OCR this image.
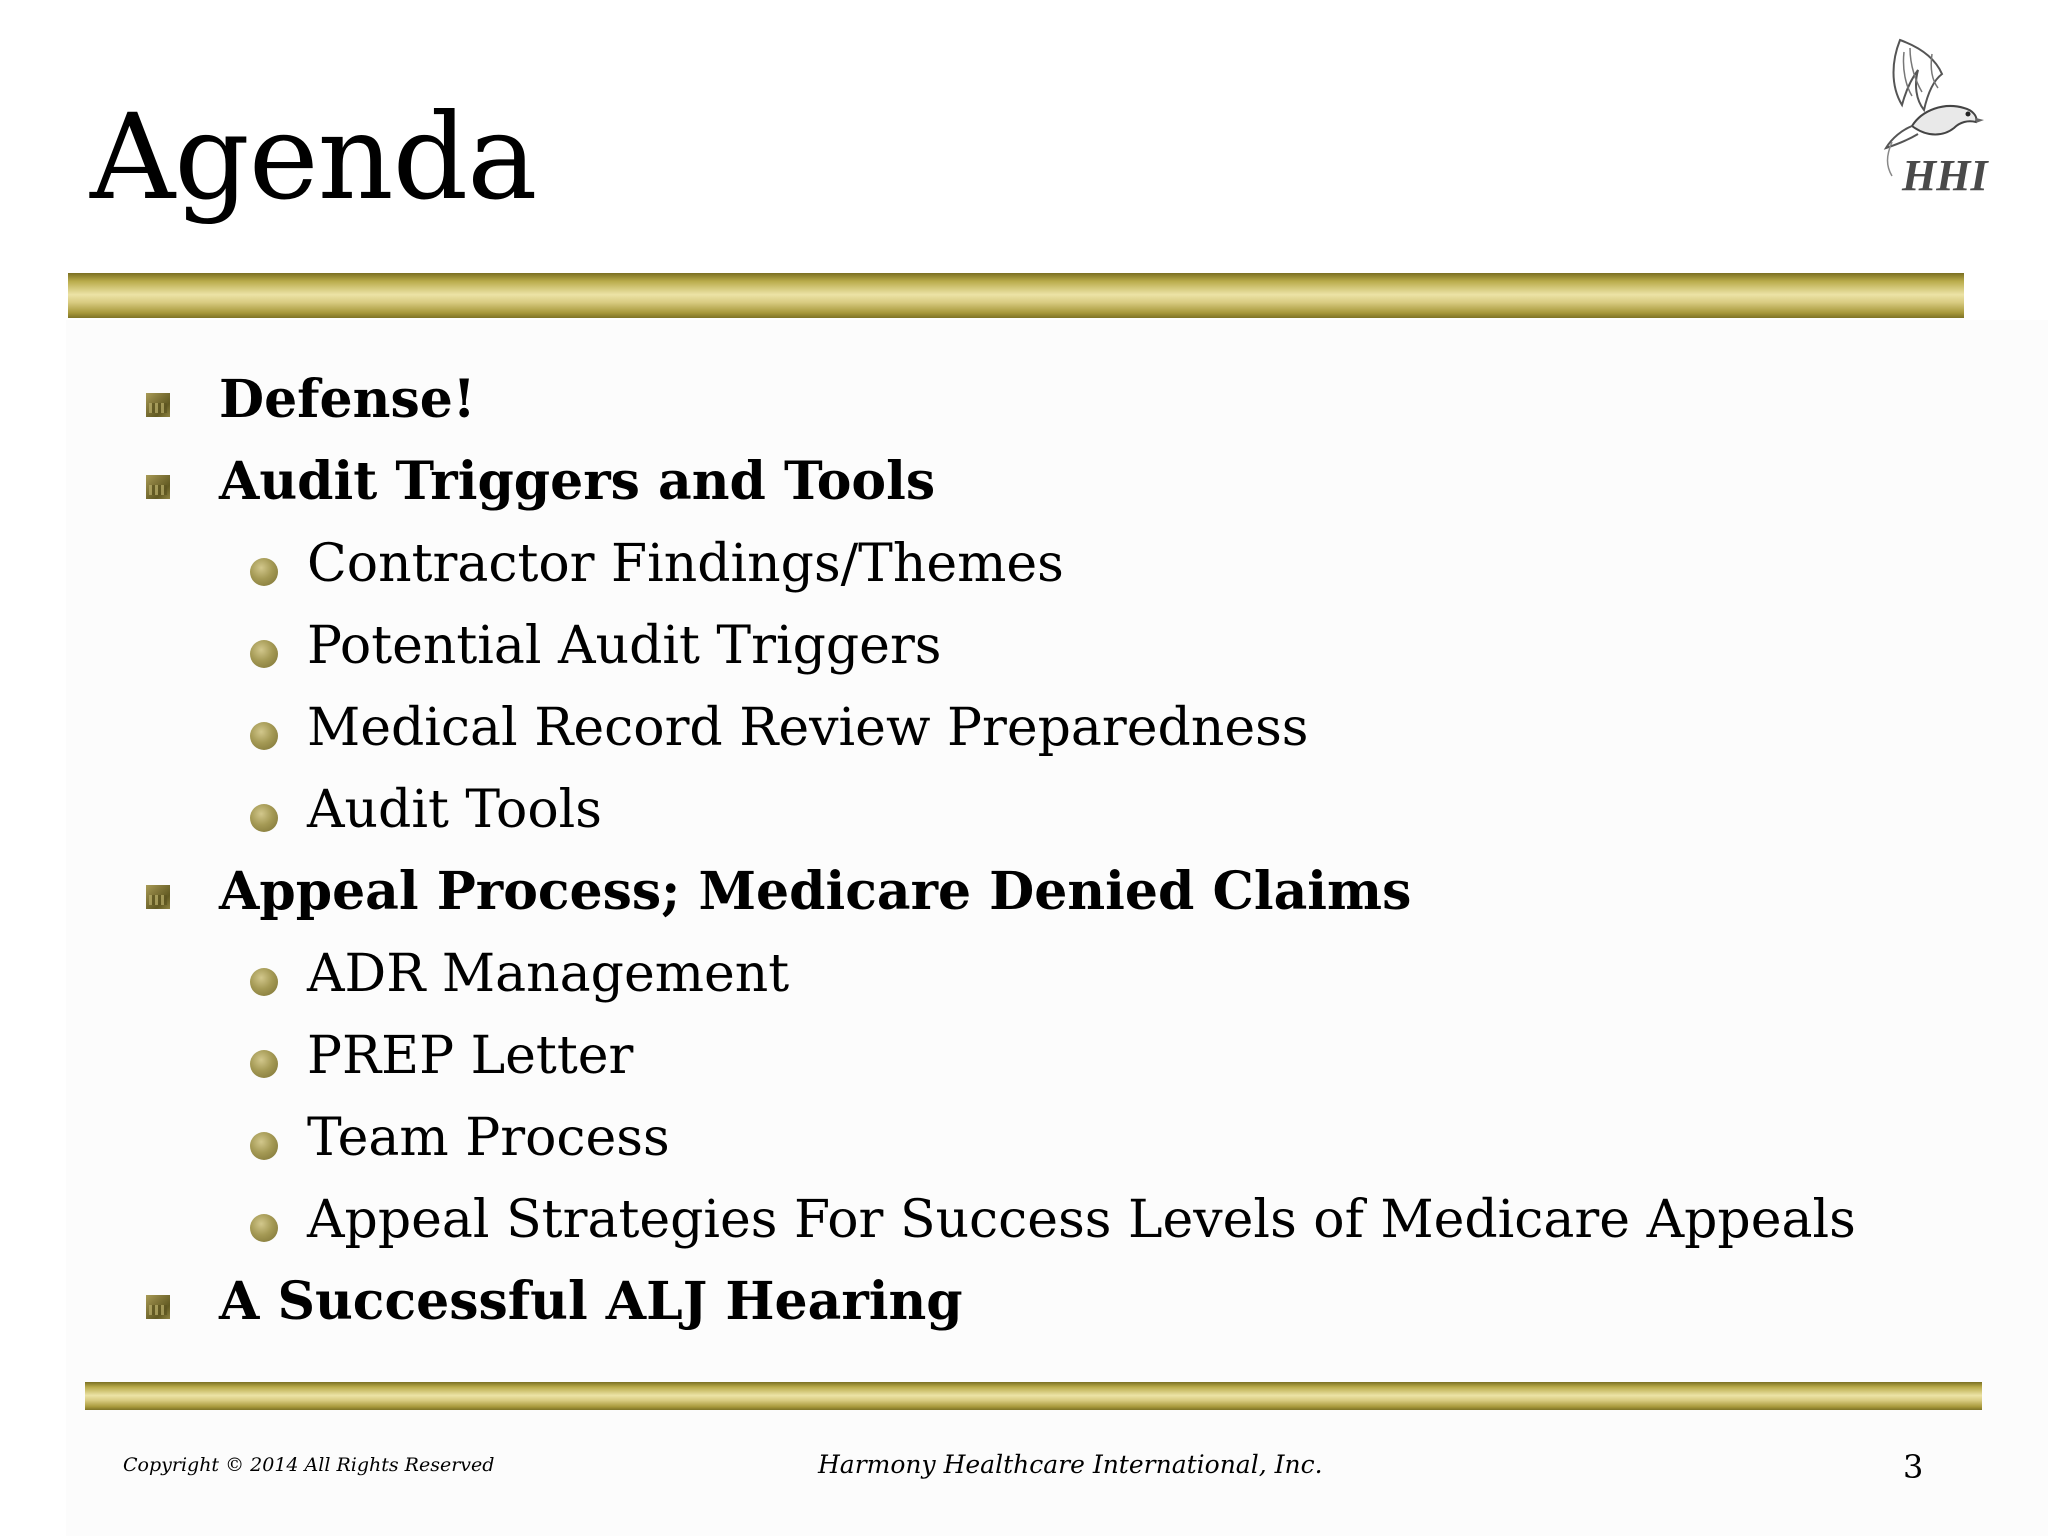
Agenda	HHI
Defense!
Audit Triggers and Tools
Contractor Findings/Themes
Potential Audit Triggers
Medical Record Review Preparedness
Audit Tools
Appeal Process; Medicare Denied Claims
ADR Management
PREP Letter
Team Process
Appeal Strategies For Success Levels of Medicare Appeals
A Successful ALJ Hearing
Copyright © 2014 All Rights Reserved	Harmony Healthcare International, Inc.	3
